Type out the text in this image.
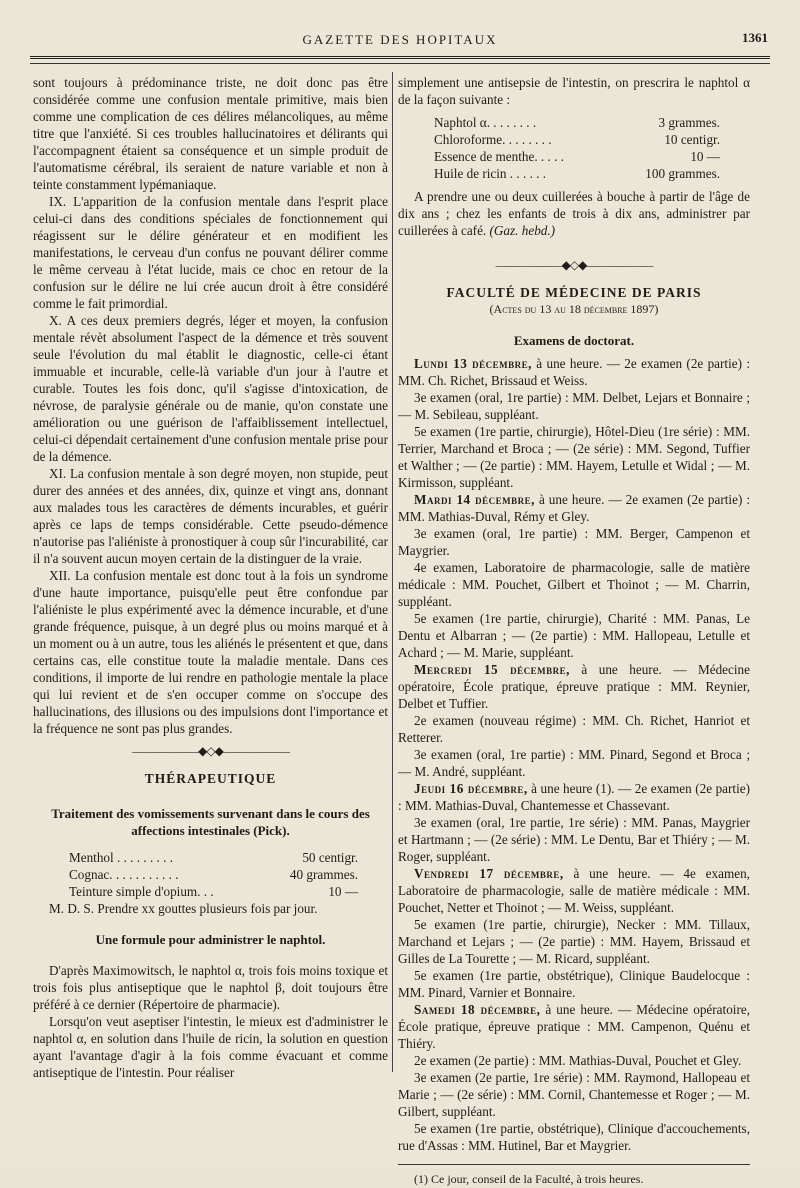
GAZETTE DES HOPITAUX	1361

sont toujours à prédominance triste, ne doit donc pas être considérée comme une confusion mentale primitive, mais bien comme une complication de ces délires mélancoliques, au même titre que l'anxiété. Si ces troubles hallucinatoires et délirants qui l'accompagnent étaient sa conséquence et un simple produit de l'automatisme cérébral, ils seraient de nature variable et non à teinte constamment lypémaniaque.

IX. L'apparition de la confusion mentale dans l'esprit place celui-ci dans des conditions spéciales de fonctionnement qui réagissent sur le délire générateur et en modifient les manifestations, le cerveau d'un confus ne pouvant délirer comme le même cerveau à l'état lucide, mais ce choc en retour de la confusion sur le délire ne lui crée aucun droit à être considéré comme le fait primordial.

X. A ces deux premiers degrés, léger et moyen, la confusion mentale révèt absolument l'aspect de la démence et très souvent seule l'évolution du mal établit le diagnostic, celle-ci étant immuable et incurable, celle-là variable d'un jour à l'autre et curable. Toutes les fois donc, qu'il s'agisse d'intoxication, de névrose, de paralysie générale ou de manie, qu'on constate une amélioration ou une guérison de l'affaiblissement intellectuel, celui-ci dépendait certainement d'une confusion mentale prise pour de la démence.

XI. La confusion mentale à son degré moyen, non stupide, peut durer des années et des années, dix, quinze et vingt ans, donnant aux malades tous les caractères de déments incurables, et guérir après ce laps de temps considérable. Cette pseudo-démence n'autorise pas l'aliéniste à pronostiquer à coup sûr l'incurabilité, car il n'a souvent aucun moyen certain de la distinguer de la vraie.

XII. La confusion mentale est donc tout à la fois un syndrome d'une haute importance, puisqu'elle peut être confondue par l'aliéniste le plus expérimenté avec la démence incurable, et d'une grande fréquence, puisque, à un degré plus ou moins marqué et à un moment ou à un autre, tous les aliénés le présentent et que, dans certains cas, elle constitue toute la maladie mentale. Dans ces conditions, il importe de lui rendre en pathologie mentale la place qui lui revient et de s'en occuper comme on s'occupe des hallucinations, des illusions ou des impulsions dont l'importance et la fréquence ne sont pas plus grandes.

——————◆◇◆——————
THÉRAPEUTIQUE
Traitement des vomissements survenant dans le cours des affections intestinales (Pick).
Menthol . . . . . . . . .	50 centigr.
Cognac. . . . . . . . . . .	40 grammes.
Teinture simple d'opium. . .	10 —

M. D. S. Prendre xx gouttes plusieurs fois par jour.

Une formule pour administrer le naphtol.

D'après Maximowitsch, le naphtol α, trois fois moins toxique et trois fois plus antiseptique que le naphtol β, doit toujours être préféré à ce dernier (Répertoire de pharmacie).

Lorsqu'on veut aseptiser l'intestin, le mieux est d'administrer le naphtol α, en solution dans l'huile de ricin, la solution en question ayant l'avantage d'agir à la fois comme évacuant et comme antiseptique de l'intestin. Pour réaliser

simplement une antisepsie de l'intestin, on prescrira le naphtol α de la façon suivante :

Naphtol α. . . . . . . .	3 grammes.
Chloroforme. . . . . . . .	10 centigr.
Essence de menthe. . . . .	10 —
Huile de ricin . . . . . .	100 grammes.

A prendre une ou deux cuillerées à bouche à partir de l'âge de dix ans ; chez les enfants de trois à dix ans, administrer par cuillerées à café. (Gaz. hebd.)

——————◆◇◆——————
FACULTÉ DE MÉDECINE DE PARIS
(Actes du 13 au 18 décembre 1897)
Examens de doctorat.

Lundi 13 décembre, à une heure. — 2e examen (2e partie) : MM. Ch. Richet, Brissaud et Weiss.

3e examen (oral, 1re partie) : MM. Delbet, Lejars et Bonnaire ; — M. Sebileau, suppléant.

5e examen (1re partie, chirurgie), Hôtel-Dieu (1re série) : MM. Terrier, Marchand et Broca ; — (2e série) : MM. Segond, Tuffier et Walther ; — (2e partie) : MM. Hayem, Letulle et Widal ; — M. Kirmisson, suppléant.

Mardi 14 décembre, à une heure. — 2e examen (2e partie) : MM. Mathias-Duval, Rémy et Gley.

3e examen (oral, 1re partie) : MM. Berger, Campenon et Maygrier.

4e examen, Laboratoire de pharmacologie, salle de matière médicale : MM. Pouchet, Gilbert et Thoinot ; — M. Charrin, suppléant.

5e examen (1re partie, chirurgie), Charité : MM. Panas, Le Dentu et Albarran ; — (2e partie) : MM. Hallopeau, Letulle et Achard ; — M. Marie, suppléant.

Mercredi 15 décembre, à une heure. — Médecine opératoire, École pratique, épreuve pratique : MM. Reynier, Delbet et Tuffier.

2e examen (nouveau régime) : MM. Ch. Richet, Hanriot et Retterer.

3e examen (oral, 1re partie) : MM. Pinard, Segond et Broca ; — M. André, suppléant.

Jeudi 16 décembre, à une heure (1). — 2e examen (2e partie) : MM. Mathias-Duval, Chantemesse et Chassevant.

3e examen (oral, 1re partie, 1re série) : MM. Panas, Maygrier et Hartmann ; — (2e série) : MM. Le Dentu, Bar et Thiéry ; — M. Roger, suppléant.

Vendredi 17 décembre, à une heure. — 4e examen, Laboratoire de pharmacologie, salle de matière médicale : MM. Pouchet, Netter et Thoinot ; — M. Weiss, suppléant.

5e examen (1re partie, chirurgie), Necker : MM. Tillaux, Marchand et Lejars ; — (2e partie) : MM. Hayem, Brissaud et Gilles de La Tourette ; — M. Ricard, suppléant.

5e examen (1re partie, obstétrique), Clinique Baudelocque : MM. Pinard, Varnier et Bonnaire.

Samedi 18 décembre, à une heure. — Médecine opératoire, École pratique, épreuve pratique : MM. Campenon, Quénu et Thiéry.

2e examen (2e partie) : MM. Mathias-Duval, Pouchet et Gley.

3e examen (2e partie, 1re série) : MM. Raymond, Hallopeau et Marie ; — (2e série) : MM. Cornil, Chantemesse et Roger ; — M. Gilbert, suppléant.

5e examen (1re partie, obstétrique), Clinique d'accouchements, rue d'Assas : MM. Hutinel, Bar et Maygrier.

(1) Ce jour, conseil de la Faculté, à trois heures.
